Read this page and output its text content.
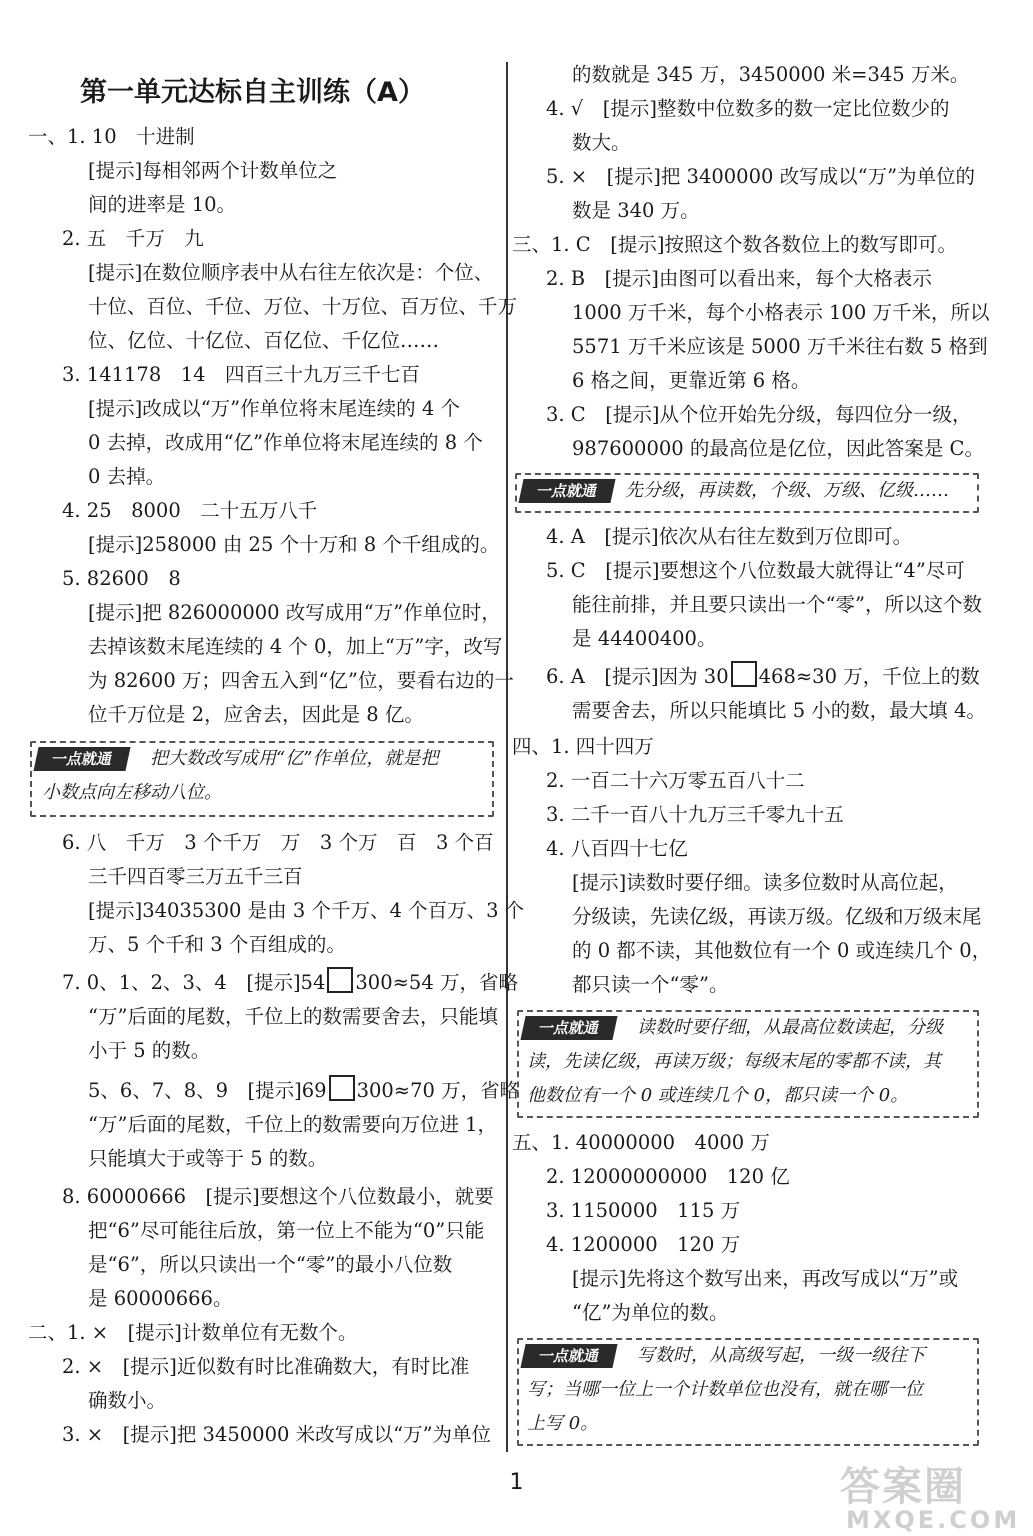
第一单元达标自主训练（A）
一、1. 10　十进制
[提示]每相邻两个计数单位之
间的进率是 10。
2. 五　千万　九
[提示]在数位顺序表中从右往左依次是：个位、
十位、百位、千位、万位、十万位、百万位、千万
位、亿位、十亿位、百亿位、千亿位……
3. 141178　14　四百三十九万三千七百
[提示]改成以“万”作单位将末尾连续的 4 个
0 去掉，改成用“亿”作单位将末尾连续的 8 个
0 去掉。
4. 25　8000　二十五万八千
[提示]258000 由 25 个十万和 8 个千组成的。
5. 82600　8
[提示]把 826000000 改写成用“万”作单位时，
去掉该数末尾连续的 4 个 0，加上“万”字，改写
为 82600 万；四舍五入到“亿”位，要看右边的一
位千万位是 2，应舍去，因此是 8 亿。
一点就通	把大数改写成用“亿”作单位，就是把
小数点向左移动八位。
6. 八　千万　3 个千万　万　3 个万　百　3 个百
三千四百零三万五千三百
[提示]34035300 是由 3 个千万、4 个百万、3 个
万、5 个千和 3 个百组成的。
7. 0、1、2、3、4　[提示]54 300≈54 万，省略
“万”后面的尾数，千位上的数需要舍去，只能填
小于 5 的数。
5、6、7、8、9　[提示]69 300≈70 万，省略
“万”后面的尾数，千位上的数需要向万位进 1，
只能填大于或等于 5 的数。
8. 60000666　[提示]要想这个八位数最小，就要
把“6”尽可能往后放，第一位上不能为“0”只能
是“6”，所以只读出一个“零”的最小八位数
是 60000666。
二、1. ×　[提示]计数单位有无数个。
2. ×　[提示]近似数有时比准确数大，有时比准
确数小。
3. ×　[提示]把 3450000 米改写成以“万”为单位
的数就是 345 万，3450000 米=345 万米。
4. √　[提示]整数中位数多的数一定比位数少的
数大。
5. ×　[提示]把 3400000 改写成以“万”为单位的
数是 340 万。
三、1. C　[提示]按照这个数各数位上的数写即可。
2. B　[提示]由图可以看出来，每个大格表示
1000 万千米，每个小格表示 100 万千米，所以
5571 万千米应该是 5000 万千米往右数 5 格到
6 格之间，更靠近第 6 格。
3. C　[提示]从个位开始先分级，每四位分一级，
987600000 的最高位是亿位，因此答案是 C。
一点就通	先分级，再读数，个级、万级、亿级……
4. A　[提示]依次从右往左数到万位即可。
5. C　[提示]要想这个八位数最大就得让“4”尽可
能往前排，并且要只读出一个“零”，所以这个数
是 44400400。
6. A　[提示]因为 30 468≈30 万，千位上的数
需要舍去，所以只能填比 5 小的数，最大填 4。
四、1. 四十四万
2. 一百二十六万零五百八十二
3. 二千一百八十九万三千零九十五
4. 八百四十七亿
[提示]读数时要仔细。读多位数时从高位起，
分级读，先读亿级，再读万级。亿级和万级末尾
的 0 都不读，其他数位有一个 0 或连续几个 0，
都只读一个“零”。
一点就通	读数时要仔细，从最高位数读起，分级
读，先读亿级，再读万级；每级末尾的零都不读，其
他数位有一个 0 或连续几个 0，都只读一个 0。
五、1. 40000000　4000 万
2. 12000000000　120 亿
3. 1150000　115 万
4. 1200000　120 万
[提示]先将这个数写出来，再改写成以“万”或
“亿”为单位的数。
一点就通	写数时，从高级写起，一级一级往下
写；当哪一位上一个计数单位也没有，就在哪一位
上写 0。
1	答案圈
MXQE.COM
